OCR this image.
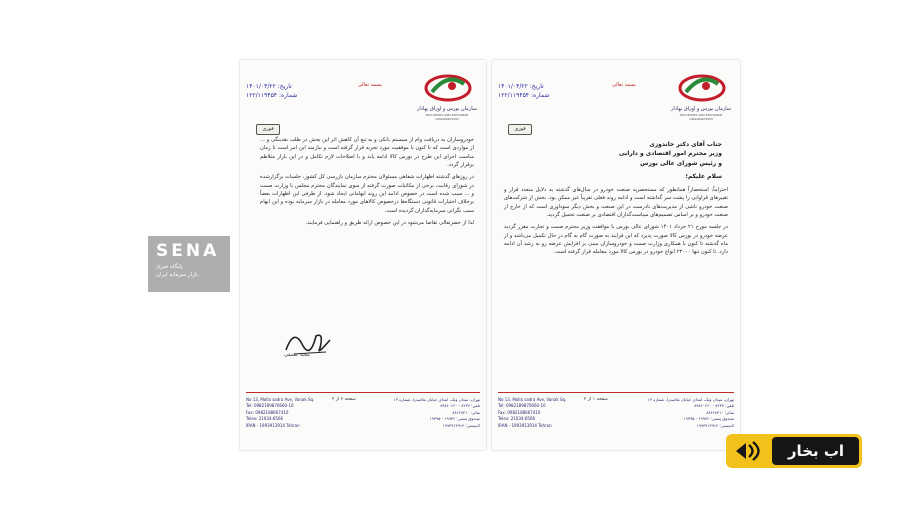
سازمان بورس و اوراق بهادار
SECURITIES AND EXCHANGE ORGANIZATION
بسمه تعالی
تاریخ: ۱۴۰۱/۰۴/۲۲
شماره: ۱۲۲/۱۱۹۴۵۴
فوری
جناب آقای دکتر خاندوزی
وزیر محترم امور اقتصادی و دارایی
و رئیس شورای عالی بورس
سلام علیکم؛

احتراماً، استحضاراً همانطور که مستحضرید صنعت خودرو در سال‌های گذشته به دلایل متعدد قرار و تغییرهای قراوانی را پشت سر گذاشته است و ادامه روند فعلی تقریباً غیر ممکن بود. بخش از شرکت‌های صنعت خودرو ناشی از مدیریت‌های نادرست در این صنعت و بخش دیگر سوداوری است که از خارج از صنعت خودرو و بر اساس تصمیم‌های سیاست‌گذاران اقتصادی بر صنعت تحمیل گردید.

در جلسه مورخ ۲۱ خرداد ۱۴۰۱ شورای عالی بورس با موافقت وزیر محترم صمت و تجارت مقرر گردید عرضه خودرو در بورس کالا صورت پذیرد که این فرایند به صورت گام به گام در حال تکمیل می‌باشد و از ماه گذشته تا کنون با همکاری وزارت صمت و خودروسازان مبنی بر افزایش عرضه رو به رشد آن ادامه دارد. تا کنون تنها ۲۳۰۰۰ انواع خودرو در بورس کالا مورد معامله قرار گرفته است.

No 13, Molla sadra Ave, Vanak Sq.
Tel: 0982189870660-10
Fax: 0982188667410
Telex: 21034-6566
IRAN - 1993913914 Tehran
صفحه ۱ از ۲	تهران، میدان ونک، ابتدای خیابان ملاصدرا، شماره ۱۳
تلفن: ۸۲۳۷ - ۸۹۸۶۰۶۶۰
نمابر: ۸۸۶۶۷۴۱۰
صندوق پستی: ۱۹۹۳۶ - ۱۹۳۹۵
کدپستی: ۱۹۹۳۹۱۳۹۱۴
سازمان بورس و اوراق بهادار
SECURITIES AND EXCHANGE ORGANIZATION
بسمه تعالی
تاریخ: ۱۴۰۱/۰۴/۲۲
شماره: ۱۲۲/۱۱۹۴۵۴
فوری

خودروسازان به دریافت وام از سیستم بانکی و به تبع آن کاهش اثر این بخش در طلب نقدینگی و ... از مواردی است که تا کنون با موفقیت مورد تجربه قرار گرفته است و نیازمند این امر است تا زمان مناسب اجرای این طرح در بورس کالا ادامه یابد و با اصلاحات لازم تکامل و در این بازار متلاطم برقرار گردد.

در روزهای گذشته اظهارات شفاهی مسئولان محترم سازمان بازرسی کل کشور، جلسات برگزارشده در شورای رقابت، برخی از مکاتبات صورت گرفته از سوی نمایندگان محترم مجلس با وزارت صمت و ... سبب شده است در خصوص ادامه این روند ابهاماتی ایجاد شود. از طرفی این اظهارات بعضاً برخلاف اختیارات قانونی دستگاه‌ها درخصوص کالاهای مورد معامله در بازار سرمایه بوده و این ابهام سبب نگرانی سرمایه‌گذاران گردیده است.

لذا از حضرتعالی تقاضا می‌شود در این خصوص ارائه طریق و راهنمایی فرمایند.

مجید عشقی
No 13, Molla sadra Ave, Vanak Sq.
Tel: 0982189870660-10
Fax: 0982188667410
Telex: 21034-6566
IRAN - 1993913914 Tehran
صفحه ۲ از ۲	تهران، میدان ونک، ابتدای خیابان ملاصدرا، شماره ۱۳
تلفن: ۸۲۳۷ - ۸۹۸۶۰۶۶۰
نمابر: ۸۸۶۶۷۴۱۰
صندوق پستی: ۱۹۹۳۶ - ۱۹۳۹۵
کدپستی: ۱۹۹۳۹۱۳۹۱۴
SENA
پایگاه خبری
بازار سرمایه ایران
اب بخار
